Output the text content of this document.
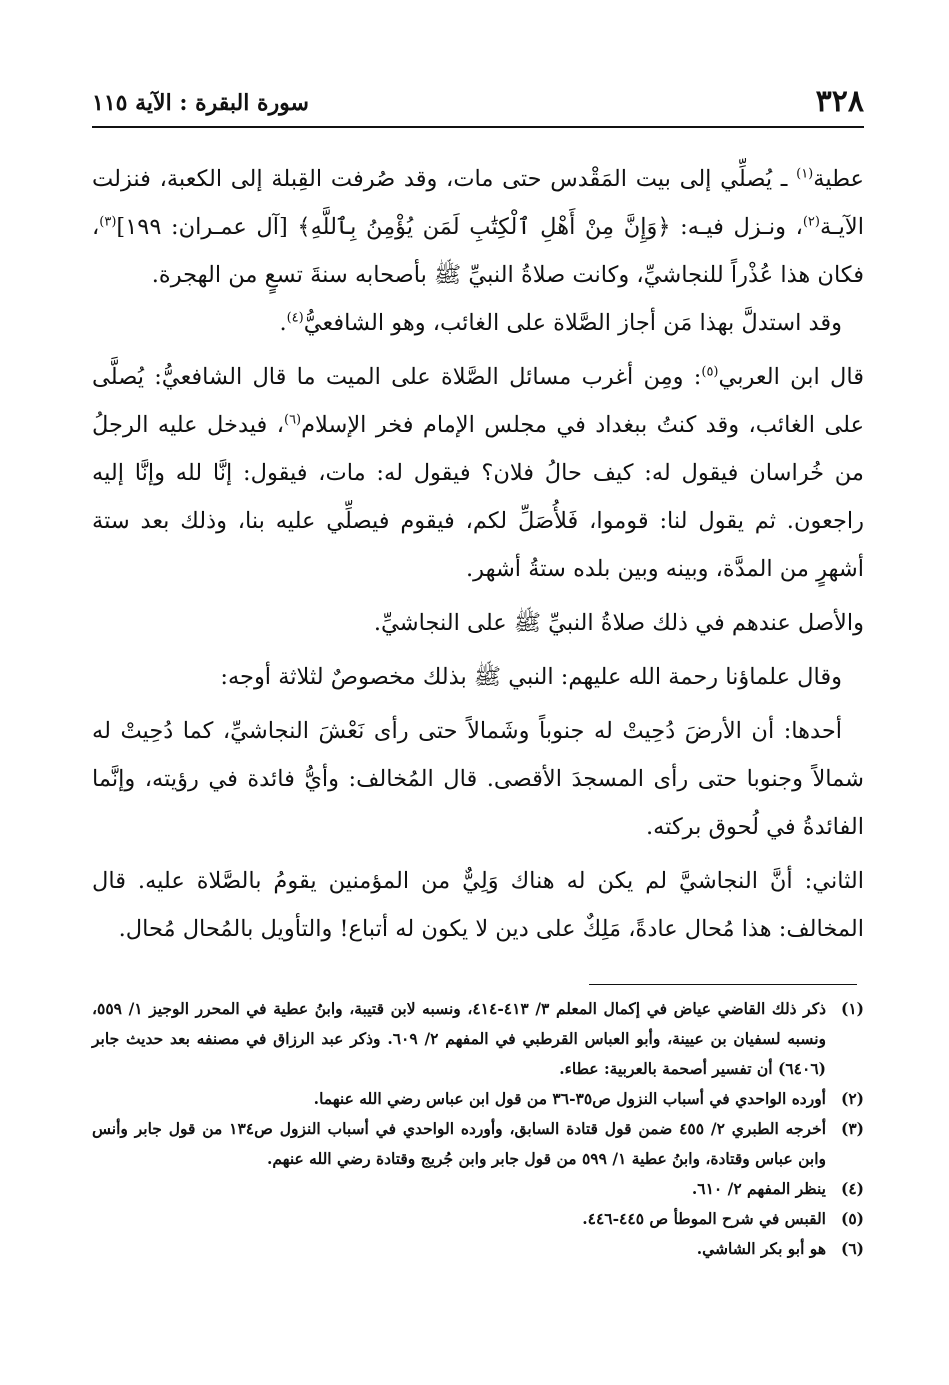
٣٢٨
سورة البقرة : الآية ١١٥

عطية$^{(١)}$ ـ يُصلِّي إلى بيت المَقْدس حتى مات، وقد صُرفت القِبلة إلى الكعبة، فنزلت الآيـة$^{(٢)}$، ونـزل فيـه: ﴿وَإِنَّ مِنْ أَهْلِ ٱلْكِتَٰبِ لَمَن يُؤْمِنُ بِٱللَّهِ﴾ [آل عمـران: ١٩٩]$^{(٣)}$، فكان هذا عُذْراً للنجاشيِّ، وكانت صلاةُ النبيِّ ﷺ بأصحابه سنةَ تسعٍ من الهجرة.

وقد استدلَّ بهذا مَن أجاز الصَّلاة على الغائب، وهو الشافعيُّ$^{(٤)}$.

قال ابن العربي$^{(٥)}$: ومِن أغرب مسائل الصَّلاة على الميت ما قال الشافعيُّ: يُصلَّى على الغائب، وقد كنتُ ببغداد في مجلس الإمام فخر الإسلام$^{(٦)}$، فيدخل عليه الرجلُ من خُراسان فيقول له: كيف حالُ فلان؟ فيقول له: مات، فيقول: إنَّا لله وإنَّا إليه راجعون. ثم يقول لنا: قوموا، فَلأُصَلِّ لكم، فيقوم فيصلِّي عليه بنا، وذلك بعد ستة أشهرٍ من المدَّة، وبينه وبين بلده ستةُ أشهر.

والأصل عندهم في ذلك صلاةُ النبيِّ ﷺ على النجاشيِّ.

وقال علماؤنا رحمة الله عليهم: النبي ﷺ بذلك مخصوصٌ لثلاثة أوجه:

أحدها: أن الأرضَ دُحِيتْ له جنوباً وشَمالاً حتى رأى نَعْشَ النجاشيِّ، كما دُحِيتْ له شمالاً وجنوبا حتى رأى المسجدَ الأقصى. قال المُخالف: وأيُّ فائدة في رؤيته، وإنَّما الفائدةُ في لُحوق بركته.

الثاني: أنَّ النجاشيَّ لم يكن له هناك وَلِيٌّ من المؤمنين يقومُ بالصَّلاة عليه. قال المخالف: هذا مُحال عادةً، مَلِكٌ على دين لا يكون له أتباع! والتأويل بالمُحال مُحال.

(١)
ذكر ذلك القاضي عياض في إكمال المعلم ٣/ ٤١٣-٤١٤، ونسبه لابن قتيبة، وابنُ عطية في المحرر الوجيز ١/ ٥٥٩، ونسبه لسفيان بن عيينة، وأبو العباس القرطبي في المفهم ٢/ ٦٠٩. وذكر عبد الرزاق في مصنفه بعد حديث جابر (٦٤٠٦) أن تفسير أصحمة بالعربية: عطاء.
(٢)
أورده الواحدي في أسباب النزول ص٣٥-٣٦ من قول ابن عباس رضي الله عنهما.
(٣)
أخرجه الطبري ٢/ ٤٥٥ ضمن قول قتادة السابق، وأورده الواحدي في أسباب النزول ص١٣٤ من قول جابر وأنس وابن عباس وقتادة، وابنُ عطية ١/ ٥٩٩ من قول جابر وابن جُريج وقتادة رضي الله عنهم.
(٤)
ينظر المفهم ٢/ ٦١٠.
(٥)
القبس في شرح الموطأ ص ٤٤٥-٤٤٦.
(٦)
هو أبو بكر الشاشي.
